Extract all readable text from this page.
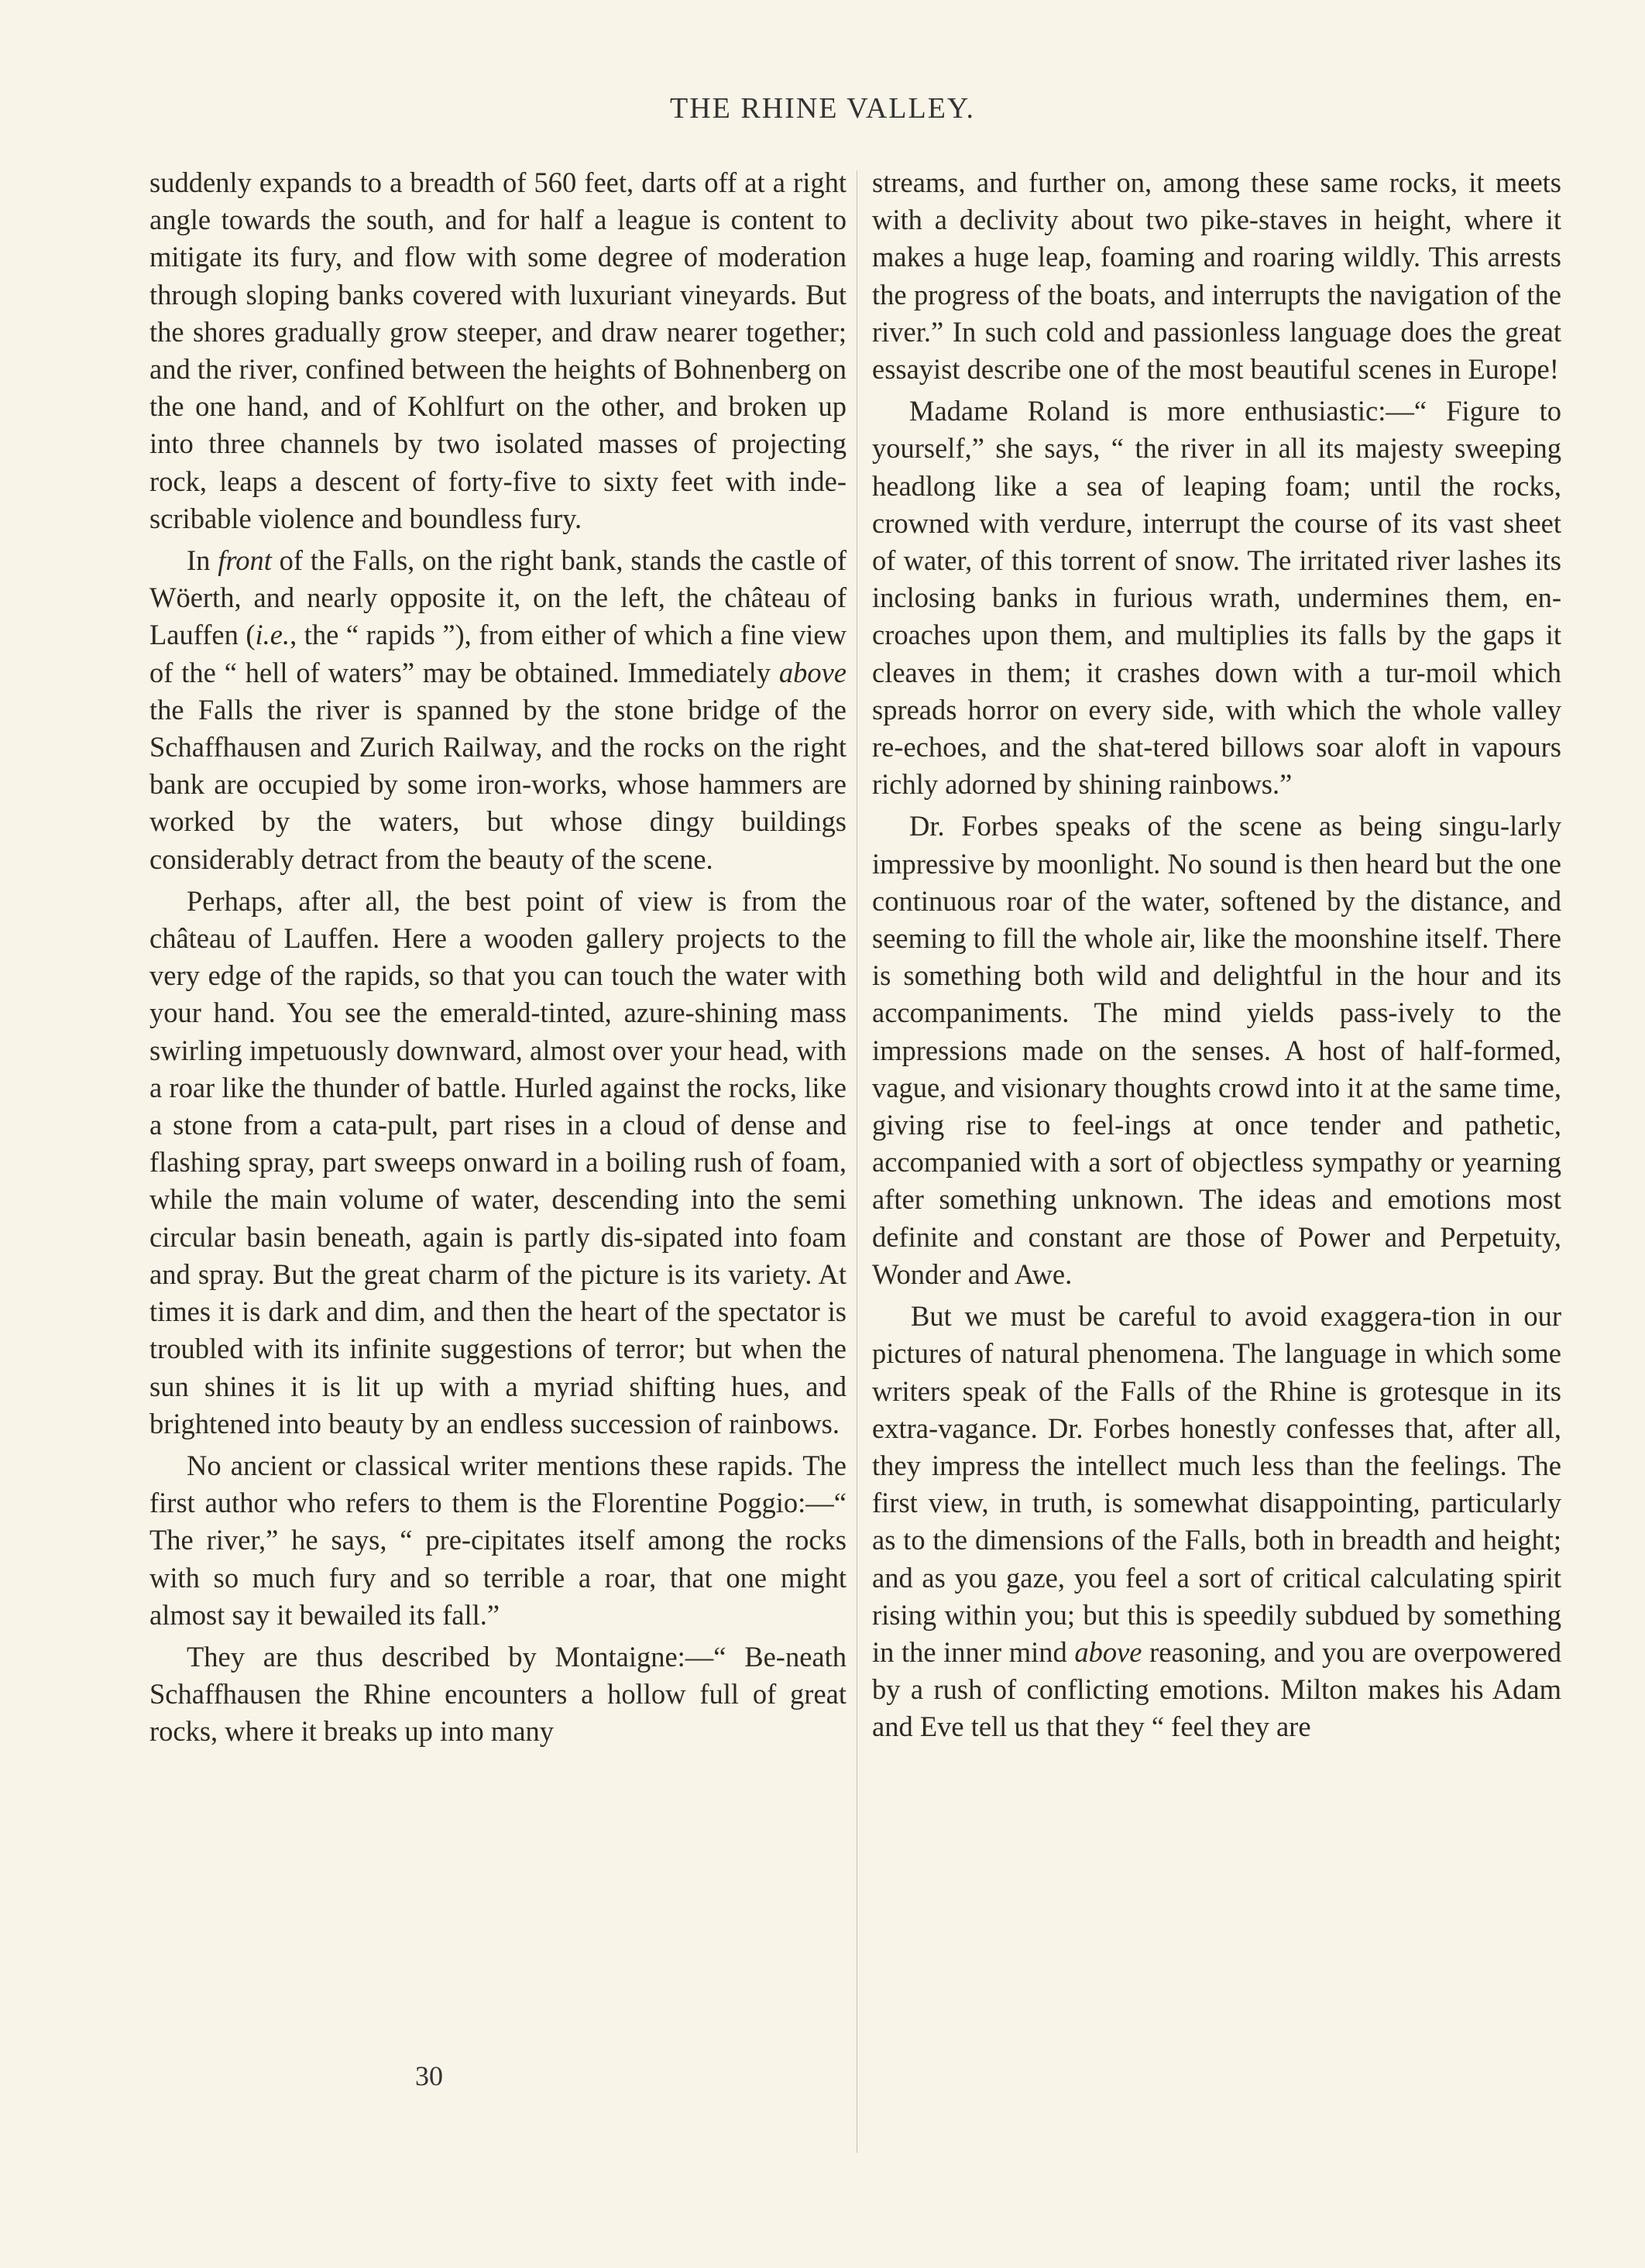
THE RHINE VALLEY.

suddenly expands to a breadth of 560 feet, darts off at a right angle towards the south, and for half a league is content to mitigate its fury, and flow with some degree of moderation through sloping banks covered with luxuriant vineyards. But the shores gradually grow steeper, and draw nearer together; and the river, confined between the heights of Bohnenberg on the one hand, and of Kohlfurt on the other, and broken up into three channels by two isolated masses of projecting rock, leaps a descent of forty-five to sixty feet with inde-scribable violence and boundless fury.

In front of the Falls, on the right bank, stands the castle of Wöerth, and nearly opposite it, on the left, the château of Lauffen (i.e., the “ rapids ”), from either of which a fine view of the “ hell of waters” may be obtained. Immediately above the Falls the river is spanned by the stone bridge of the Schaffhausen and Zurich Railway, and the rocks on the right bank are occupied by some iron-works, whose hammers are worked by the waters, but whose dingy buildings considerably detract from the beauty of the scene.

Perhaps, after all, the best point of view is from the château of Lauffen. Here a wooden gallery projects to the very edge of the rapids, so that you can touch the water with your hand. You see the emerald-tinted, azure-shining mass swirling impetuously downward, almost over your head, with a roar like the thunder of battle. Hurled against the rocks, like a stone from a cata-pult, part rises in a cloud of dense and flashing spray, part sweeps onward in a boiling rush of foam, while the main volume of water, descending into the semi circular basin beneath, again is partly dis-sipated into foam and spray. But the great charm of the picture is its variety. At times it is dark and dim, and then the heart of the spectator is troubled with its infinite suggestions of terror; but when the sun shines it is lit up with a myriad shifting hues, and brightened into beauty by an endless succession of rainbows.

No ancient or classical writer mentions these rapids. The first author who refers to them is the Florentine Poggio:—“ The river,” he says, “ pre-cipitates itself among the rocks with so much fury and so terrible a roar, that one might almost say it bewailed its fall.”

They are thus described by Montaigne:—“ Be-neath Schaffhausen the Rhine encounters a hollow full of great rocks, where it breaks up into many

streams, and further on, among these same rocks, it meets with a declivity about two pike-staves in height, where it makes a huge leap, foaming and roaring wildly. This arrests the progress of the boats, and interrupts the navigation of the river.” In such cold and passionless language does the great essayist describe one of the most beautiful scenes in Europe!

Madame Roland is more enthusiastic:—“ Figure to yourself,” she says, “ the river in all its majesty sweeping headlong like a sea of leaping foam; until the rocks, crowned with verdure, interrupt the course of its vast sheet of water, of this torrent of snow. The irritated river lashes its inclosing banks in furious wrath, undermines them, en-croaches upon them, and multiplies its falls by the gaps it cleaves in them; it crashes down with a tur-moil which spreads horror on every side, with which the whole valley re-echoes, and the shat-tered billows soar aloft in vapours richly adorned by shining rainbows.”

Dr. Forbes speaks of the scene as being singu-larly impressive by moonlight. No sound is then heard but the one continuous roar of the water, softened by the distance, and seeming to fill the whole air, like the moonshine itself. There is something both wild and delightful in the hour and its accompaniments. The mind yields pass-ively to the impressions made on the senses. A host of half-formed, vague, and visionary thoughts crowd into it at the same time, giving rise to feel-ings at once tender and pathetic, accompanied with a sort of objectless sympathy or yearning after something unknown. The ideas and emotions most definite and constant are those of Power and Perpetuity, Wonder and Awe.

But we must be careful to avoid exaggera-tion in our pictures of natural phenomena. The language in which some writers speak of the Falls of the Rhine is grotesque in its extra-vagance. Dr. Forbes honestly confesses that, after all, they impress the intellect much less than the feelings. The first view, in truth, is somewhat disappointing, particularly as to the dimensions of the Falls, both in breadth and height; and as you gaze, you feel a sort of critical calculating spirit rising within you; but this is speedily subdued by something in the inner mind above reasoning, and you are overpowered by a rush of conflicting emotions. Milton makes his Adam and Eve tell us that they “ feel they are

30
